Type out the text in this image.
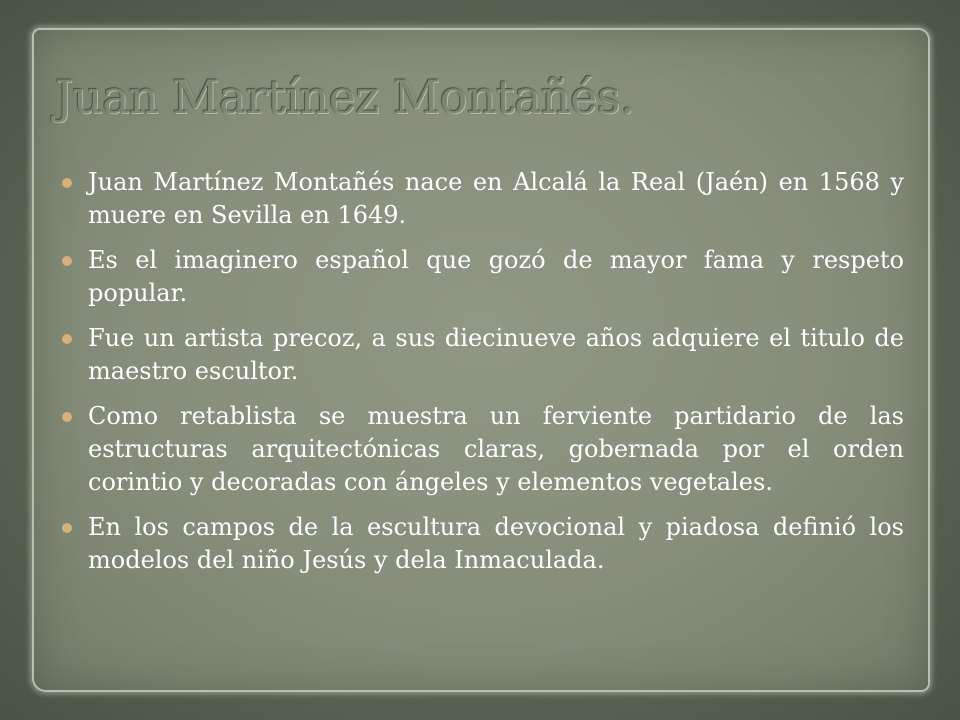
Juan Martínez Montañés.
Juan Martínez Montañés nace en Alcalá la Real (Jaén) en 1568 y muere en Sevilla en 1649.
Es el imaginero español que gozó de mayor fama y respeto popular.
Fue un artista precoz, a sus diecinueve años adquiere el titulo de maestro escultor.
Como retablista se muestra un ferviente partidario de las estructuras arquitectónicas claras, gobernada por el orden corintio y decoradas con ángeles y elementos vegetales.
En los campos de la escultura devocional y piadosa definió los modelos del niño Jesús y dela Inmaculada.
